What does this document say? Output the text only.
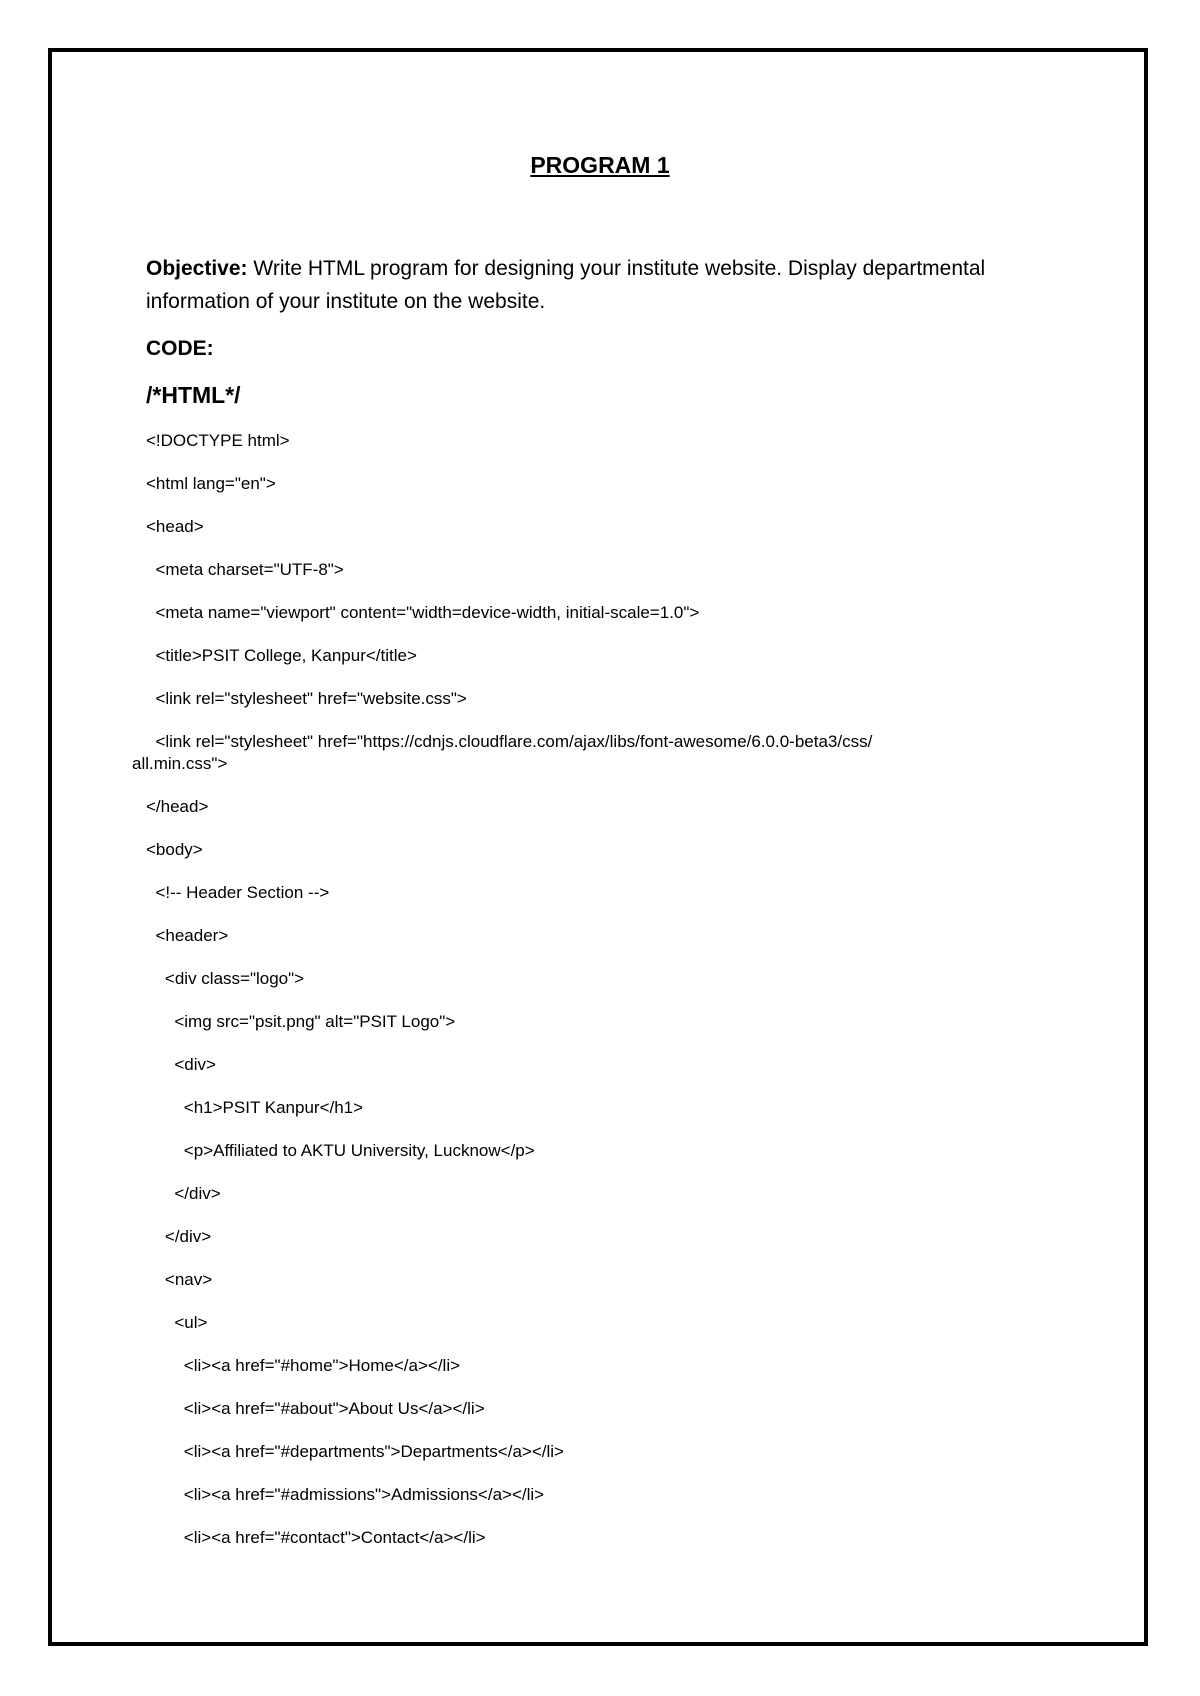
PROGRAM 1
Objective: Write HTML program for designing your institute website. Display departmental information of your institute on the website.
CODE:
/*HTML*/
<!DOCTYPE html>
<html lang="en">
<head>
<meta charset="UTF-8">
<meta name="viewport" content="width=device-width, initial-scale=1.0">
<title>PSIT College, Kanpur</title>
<link rel="stylesheet" href="website.css">
<link rel="stylesheet" href="https://cdnjs.cloudflare.com/ajax/libs/font-awesome/6.0.0-beta3/css/
all.min.css">
</head>
<body>
<!-- Header Section -->
<header>
<div class="logo">
<img src="psit.png" alt="PSIT Logo">
<div>
<h1>PSIT Kanpur</h1>
<p>Affiliated to AKTU University, Lucknow</p>
</div>
</div>
<nav>
<ul>
<li><a href="#home">Home</a></li>
<li><a href="#about">About Us</a></li>
<li><a href="#departments">Departments</a></li>
<li><a href="#admissions">Admissions</a></li>
<li><a href="#contact">Contact</a></li>
